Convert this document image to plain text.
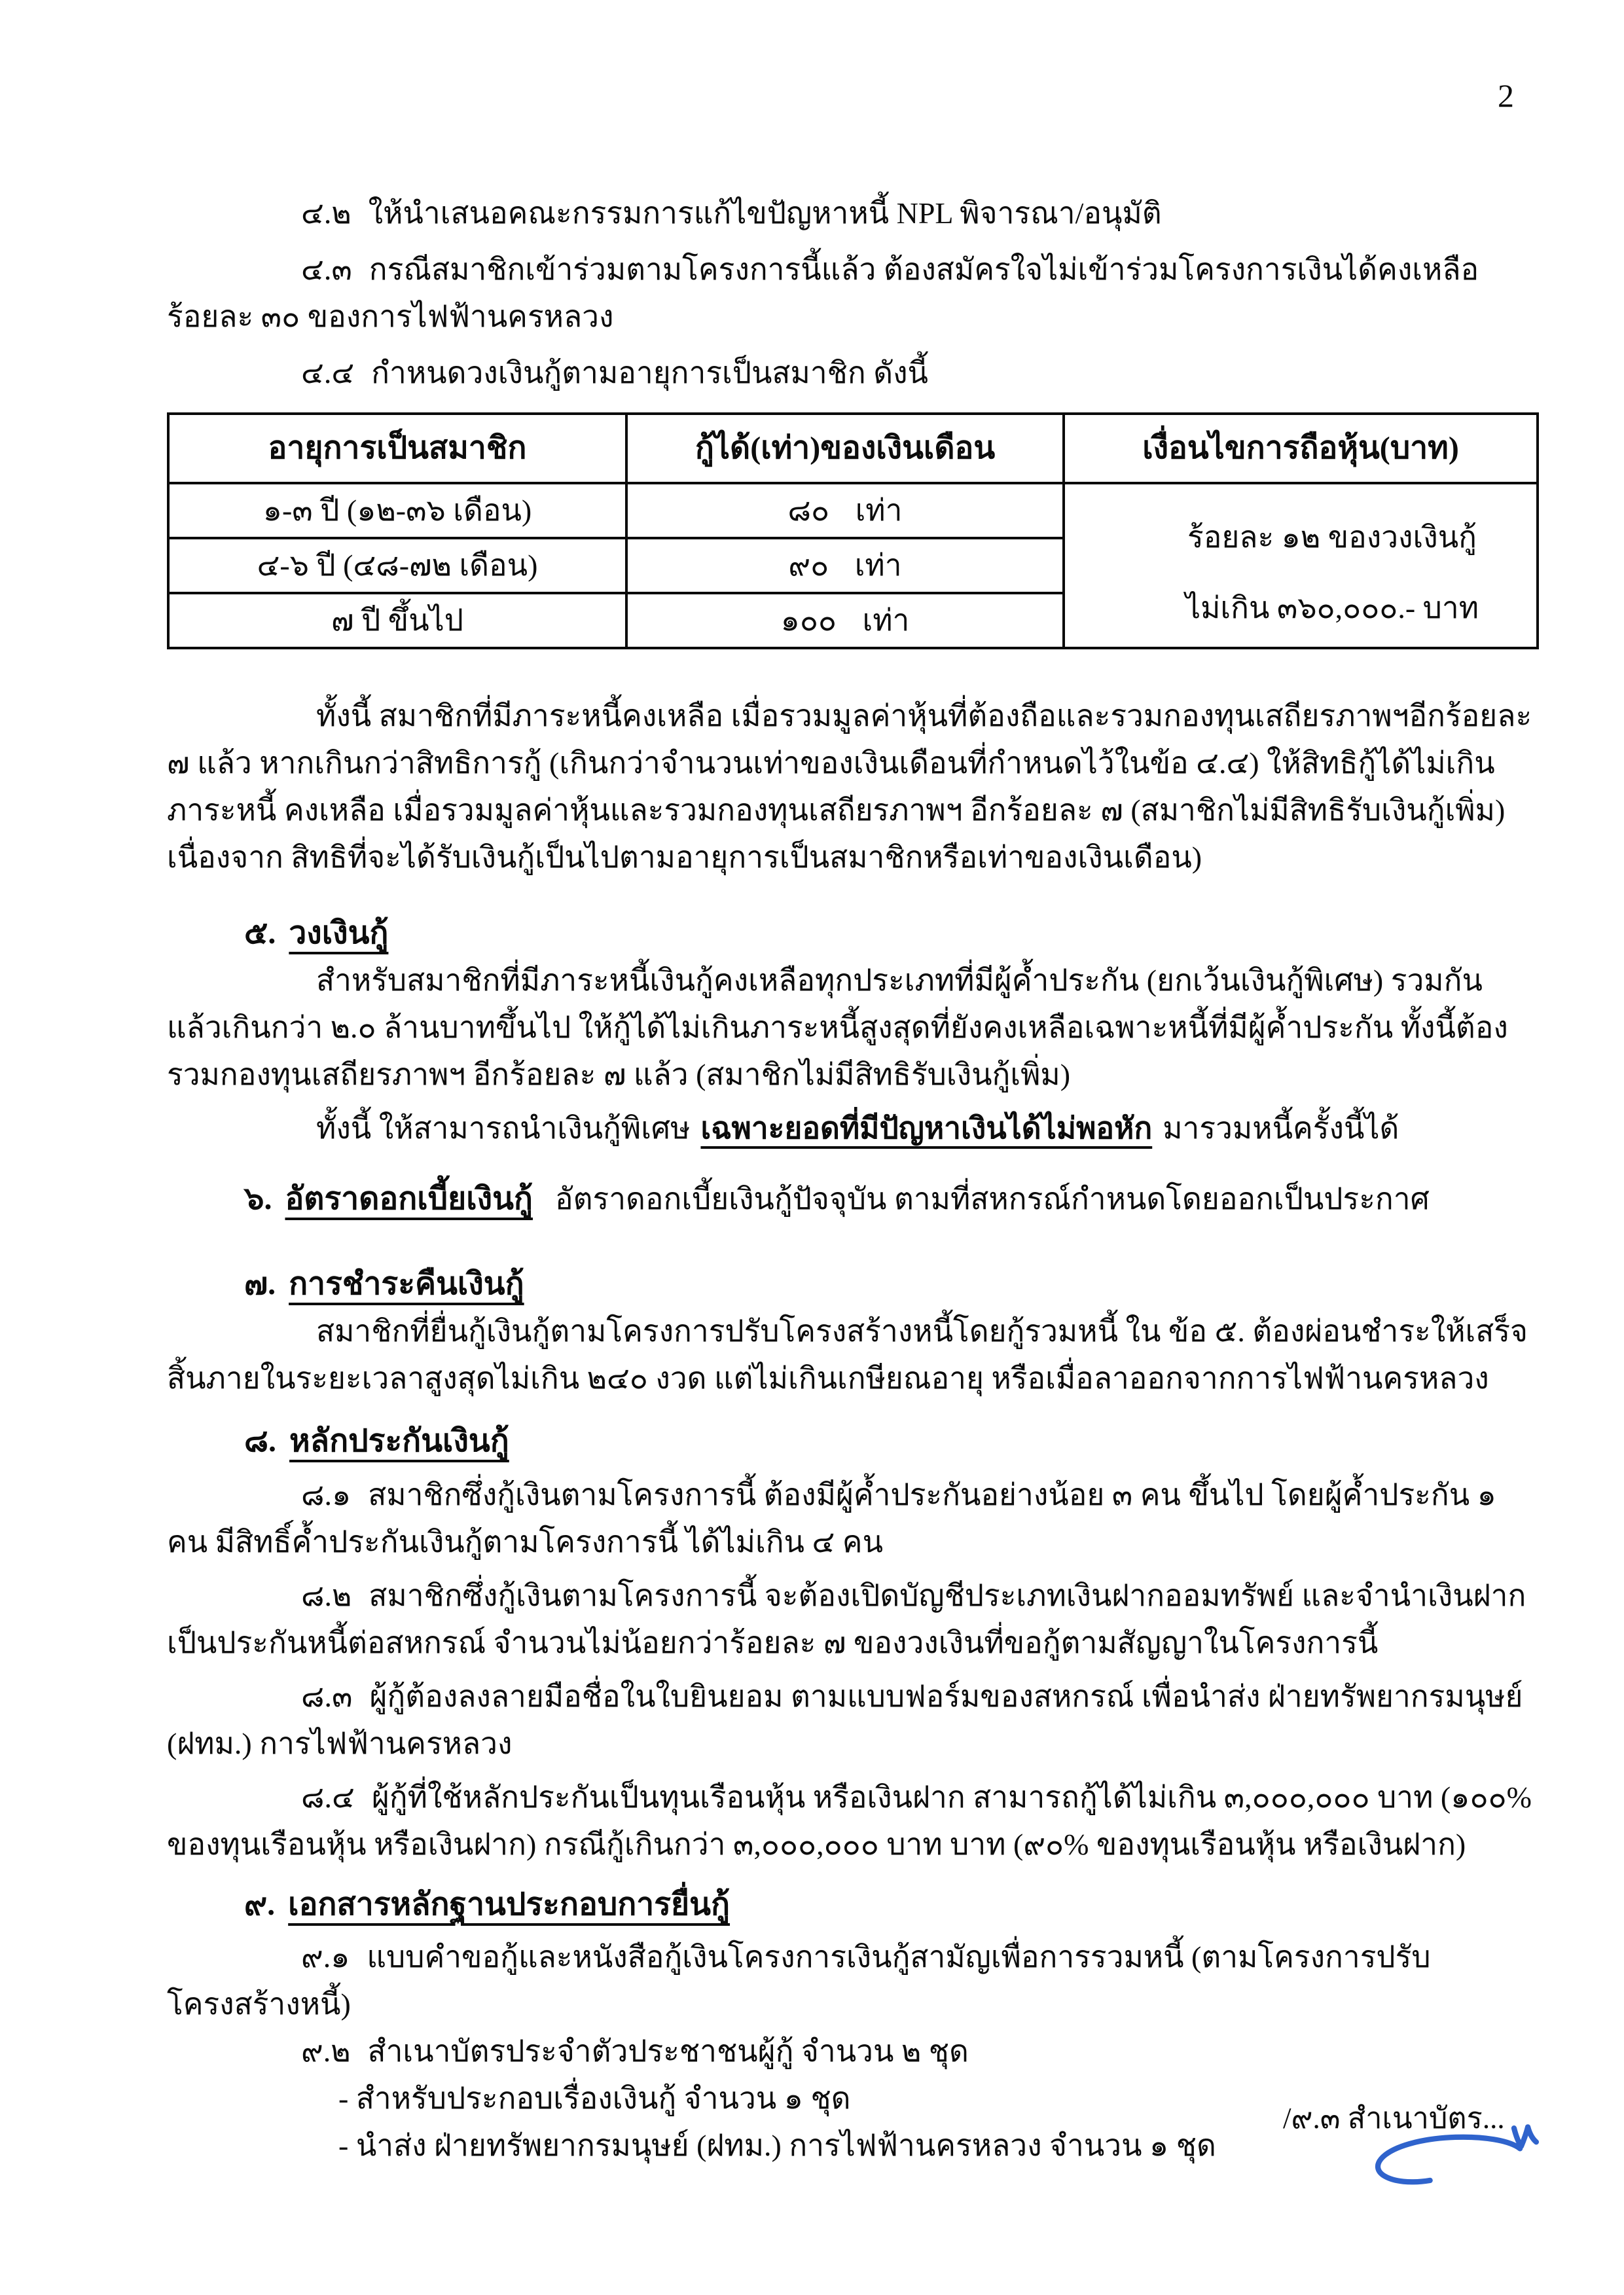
2
๔.๒ ให้นำเสนอคณะกรรมการแก้ไขปัญหาหนี้ NPL พิจารณา/อนุมัติ
๔.๓ กรณีสมาชิกเข้าร่วมตามโครงการนี้แล้ว ต้องสมัครใจไม่เข้าร่วมโครงการเงินได้คงเหลือ ร้อยละ ๓๐ ของการไฟฟ้านครหลวง
๔.๔ กำหนดวงเงินกู้ตามอายุการเป็นสมาชิก ดังนี้
อายุการเป็นสมาชิก	กู้ได้(เท่า)ของเงินเดือน	เงื่อนไขการถือหุ้น(บาท)
๑-๓ ปี (๑๒-๓๖ เดือน)	๘๐ เท่า	ร้อยละ ๑๒ ของวงเงินกู้
ไม่เกิน ๓๖๐,๐๐๐.- บาท

๔-๖ ปี (๔๘-๗๒ เดือน)	๙๐ เท่า	
๗ ปี ขึ้นไป	๑๐๐ เท่า	
ทั้งนี้ สมาชิกที่มีภาระหนี้คงเหลือ เมื่อรวมมูลค่าหุ้นที่ต้องถือและรวมกองทุนเสถียรภาพฯอีกร้อยละ ๗ แล้ว หากเกินกว่าสิทธิการกู้ (เกินกว่าจำนวนเท่าของเงินเดือนที่กำหนดไว้ในข้อ ๔.๔) ให้สิทธิกู้ได้ไม่เกินภาระหนี้ คงเหลือ เมื่อรวมมูลค่าหุ้นและรวมกองทุนเสถียรภาพฯ อีกร้อยละ ๗ (สมาชิกไม่มีสิทธิรับเงินกู้เพิ่ม) เนื่องจาก สิทธิที่จะได้รับเงินกู้เป็นไปตามอายุการเป็นสมาชิกหรือเท่าของเงินเดือน)
๕. วงเงินกู้
สำหรับสมาชิกที่มีภาระหนี้เงินกู้คงเหลือทุกประเภทที่มีผู้ค้ำประกัน (ยกเว้นเงินกู้พิเศษ) รวมกันแล้วเกินกว่า ๒.๐ ล้านบาทขึ้นไป ให้กู้ได้ไม่เกินภาระหนี้สูงสุดที่ยังคงเหลือเฉพาะหนี้ที่มีผู้ค้ำประกัน ทั้งนี้ต้องรวมกองทุนเสถียรภาพฯ อีกร้อยละ ๗ แล้ว (สมาชิกไม่มีสิทธิรับเงินกู้เพิ่ม)
ทั้งนี้ ให้สามารถนำเงินกู้พิเศษ เฉพาะยอดที่มีปัญหาเงินได้ไม่พอหัก มารวมหนี้ครั้งนี้ได้
๖. อัตราดอกเบี้ยเงินกู้ อัตราดอกเบี้ยเงินกู้ปัจจุบัน ตามที่สหกรณ์กำหนดโดยออกเป็นประกาศ
๗. การชำระคืนเงินกู้
สมาชิกที่ยื่นกู้เงินกู้ตามโครงการปรับโครงสร้างหนี้โดยกู้รวมหนี้ ใน ข้อ ๕. ต้องผ่อนชำระให้เสร็จสิ้นภายในระยะเวลาสูงสุดไม่เกิน ๒๔๐ งวด แต่ไม่เกินเกษียณอายุ หรือเมื่อลาออกจากการไฟฟ้านครหลวง
๘. หลักประกันเงินกู้
๘.๑ สมาชิกซึ่งกู้เงินตามโครงการนี้ ต้องมีผู้ค้ำประกันอย่างน้อย ๓ คน ขึ้นไป โดยผู้ค้ำประกัน ๑ คน มีสิทธิ์ค้ำประกันเงินกู้ตามโครงการนี้ ได้ไม่เกิน ๔ คน
๘.๒ สมาชิกซึ่งกู้เงินตามโครงการนี้ จะต้องเปิดบัญชีประเภทเงินฝากออมทรัพย์ และจำนำเงินฝากเป็นประกันหนี้ต่อสหกรณ์ จำนวนไม่น้อยกว่าร้อยละ ๗ ของวงเงินที่ขอกู้ตามสัญญาในโครงการนี้
๘.๓ ผู้กู้ต้องลงลายมือชื่อในใบยินยอม ตามแบบฟอร์มของสหกรณ์ เพื่อนำส่ง ฝ่ายทรัพยากรมนุษย์ (ฝทม.) การไฟฟ้านครหลวง
๘.๔ ผู้กู้ที่ใช้หลักประกันเป็นทุนเรือนหุ้น หรือเงินฝาก สามารถกู้ได้ไม่เกิน ๓,๐๐๐,๐๐๐ บาท (๑๐๐% ของทุนเรือนหุ้น หรือเงินฝาก) กรณีกู้เกินกว่า ๓,๐๐๐,๐๐๐ บาท บาท (๙๐% ของทุนเรือนหุ้น หรือเงินฝาก)
๙. เอกสารหลักฐานประกอบการยื่นกู้
๙.๑ แบบคำขอกู้และหนังสือกู้เงินโครงการเงินกู้สามัญเพื่อการรวมหนี้ (ตามโครงการปรับโครงสร้างหนี้)
๙.๒ สำเนาบัตรประจำตัวประชาชนผู้กู้ จำนวน ๒ ชุด
- สำหรับประกอบเรื่องเงินกู้ จำนวน ๑ ชุด
- นำส่ง ฝ่ายทรัพยากรมนุษย์ (ฝทม.) การไฟฟ้านครหลวง จำนวน ๑ ชุด
/๙.๓ สำเนาบัตร...
